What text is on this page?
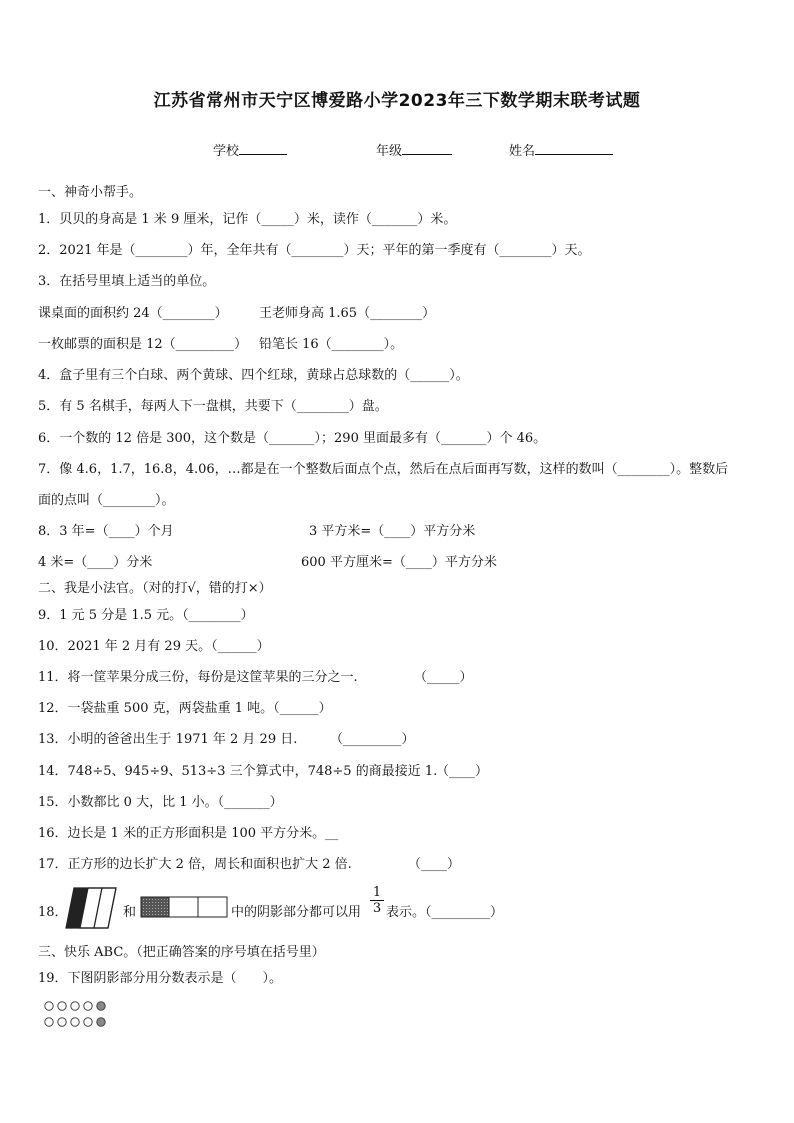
江苏省常州市天宁区博爱路小学2023年三下数学期末联考试题
学校	年级	姓名
一、神奇小帮手。
1．贝贝的身高是 1 米 9 厘米，记作（_____）米，读作（_______）米。
2．2021 年是（________）年，全年共有（________）天；平年的第一季度有（________）天。
3．在括号里填上适当的单位。
课桌面的面积约 24（________） 王老师身高 1.65（________）
一枚邮票的面积是 12（_________） 铅笔长 16（________）。
4．盒子里有三个白球、两个黄球、四个红球，黄球占总球数的（______）。
5．有 5 名棋手，每两人下一盘棋，共要下（________）盘。
6．一个数的 12 倍是 300，这个数是（_______）；290 里面最多有（_______）个 46。
7．像 4.6，1.7，16.8，4.06，…都是在一个整数后面点个点，然后在点后面再写数，这样的数叫（________）。整数后
面的点叫（________）。
8．3 年=（____）个月	3 平方米=（____）平方分米
4 米=（____）分米	600 平方厘米=（____）平方分米
二、我是小法官。（对的打√，错的打×）
9．1 元 5 分是 1.5 元。（________）
10．2021 年 2 月有 29 天。（______）
11．将一筐苹果分成三份，每份是这筐苹果的三分之一.	（_____）
12．一袋盐重 500 克，两袋盐重 1 吨。（______）
13．小明的爸爸出生于 1971 年 2 月 29 日.	（_________）
14．748÷5、945÷9、513÷3 三个算式中，748÷5 的商最接近 1.
（____）
15．小数都比 0 大，比 1 小。（_______）
16．边长是 1 米的正方形面积是 100 平方分米。__
17．正方形的边长扩大 2 倍，周长和面积也扩大 2 倍.	（____）
18．	和	中的阴影部分都可以用 $\frac{1}{3}$ 表示。（_________）
三、快乐 ABC。（把正确答案的序号填在括号里）
19．下图阴影部分用分数表示是（　　）。
